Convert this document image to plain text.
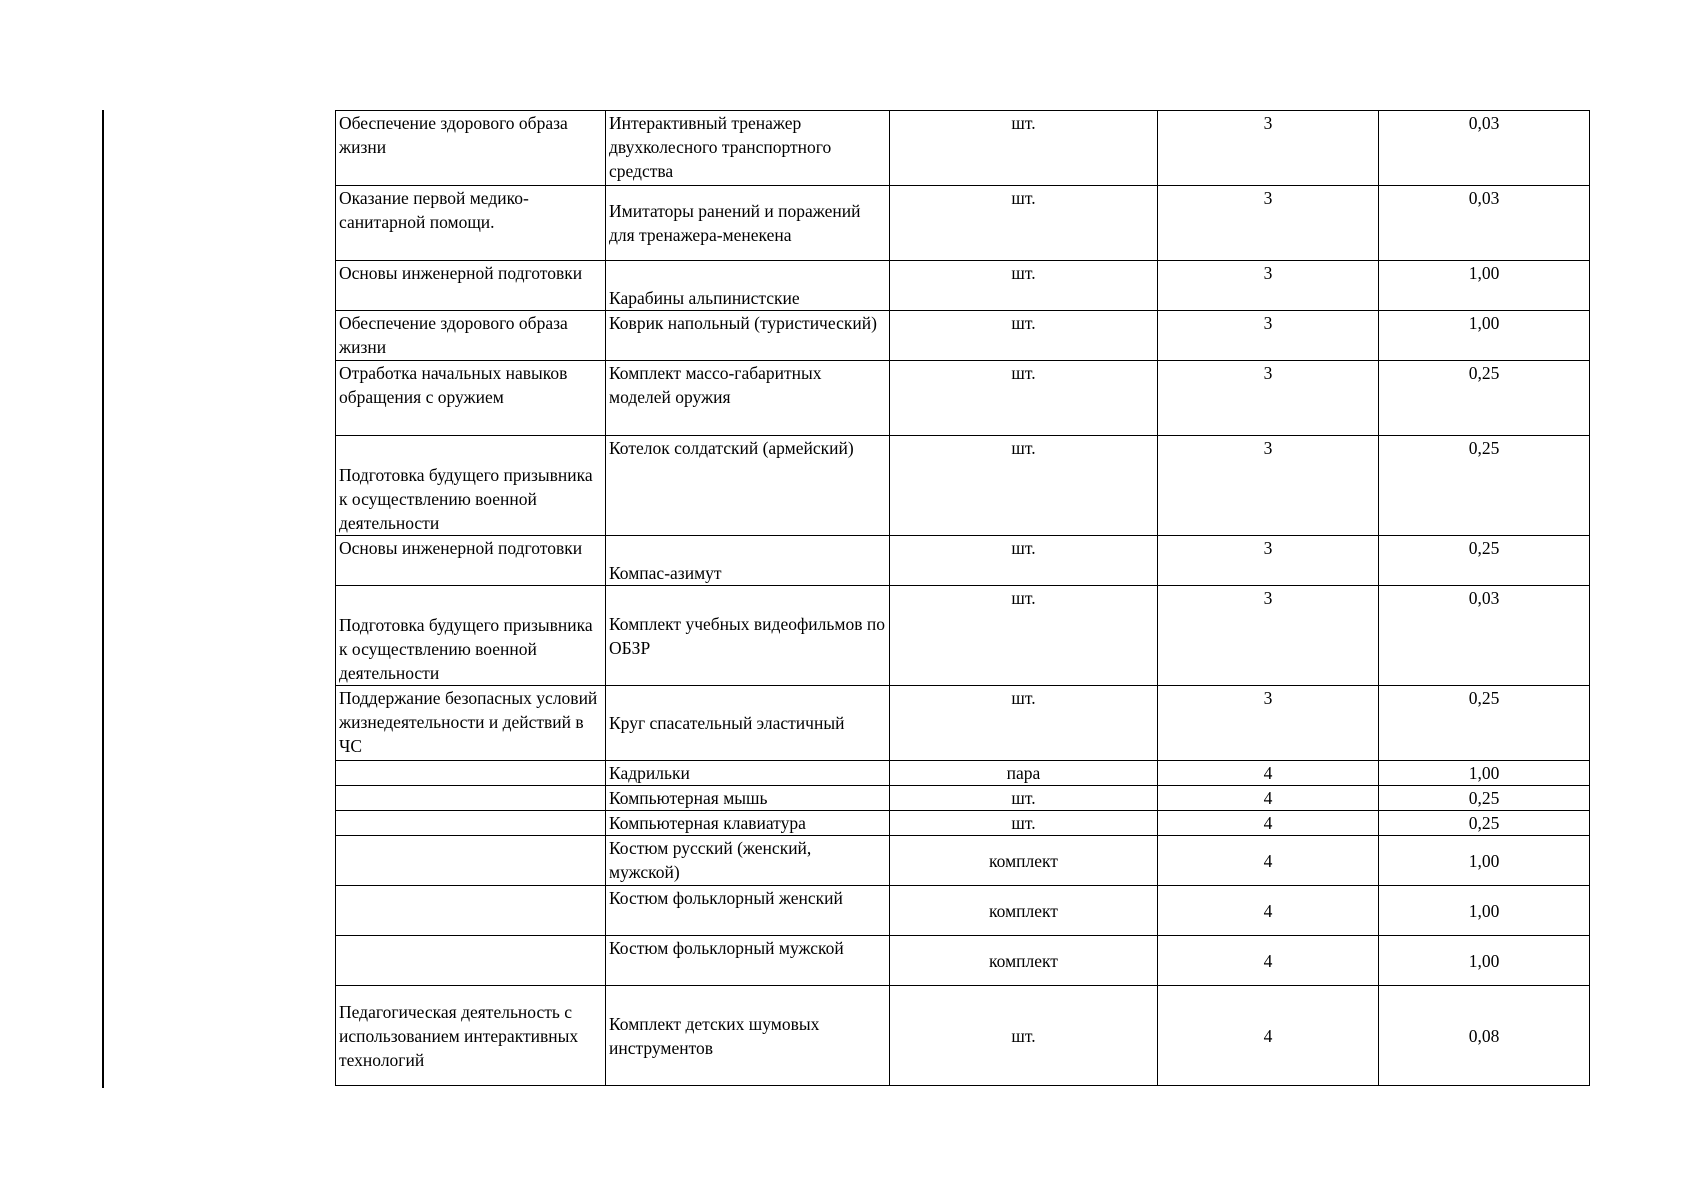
Обеспечение здорового образа жизни	Интерактивный тренажер двухколесного транспортного средства	шт.	3	0,03
Оказание первой медико-санитарной помощи.	Имитаторы ранений и поражений для тренажера-менекена	шт.	3	0,03
Основы инженерной подготовки	Карабины альпинистские	шт.	3	1,00
Обеспечение здорового образа жизни	Коврик напольный (туристический)	шт.	3	1,00
Отработка начальных навыков обращения с оружием	Комплект массо-габаритных моделей оружия	шт.	3	0,25
Подготовка будущего призывника к осуществлению военной деятельности	Котелок солдатский (армейский)	шт.	3	0,25
Основы инженерной подготовки	Компас-азимут	шт.	3	0,25
Подготовка будущего призывника к осуществлению военной деятельности	Комплект учебных видеофильмов по ОБЗР	шт.	3	0,03
Поддержание безопасных условий жизнедеятельности и действий в ЧС	Круг спасательный эластичный	шт.	3	0,25
	Кадрильки	пара	4	1,00
	Компьютерная мышь	шт.	4	0,25
	Компьютерная клавиатура	шт.	4	0,25
	Костюм русский (женский, мужской)	комплект	4	1,00
	Костюм фольклорный женский	комплект	4	1,00
	Костюм фольклорный мужской	комплект	4	1,00
Педагогическая деятельность с использованием интерактивных технологий	Комплект детских шумовых инструментов	шт.	4	0,08
